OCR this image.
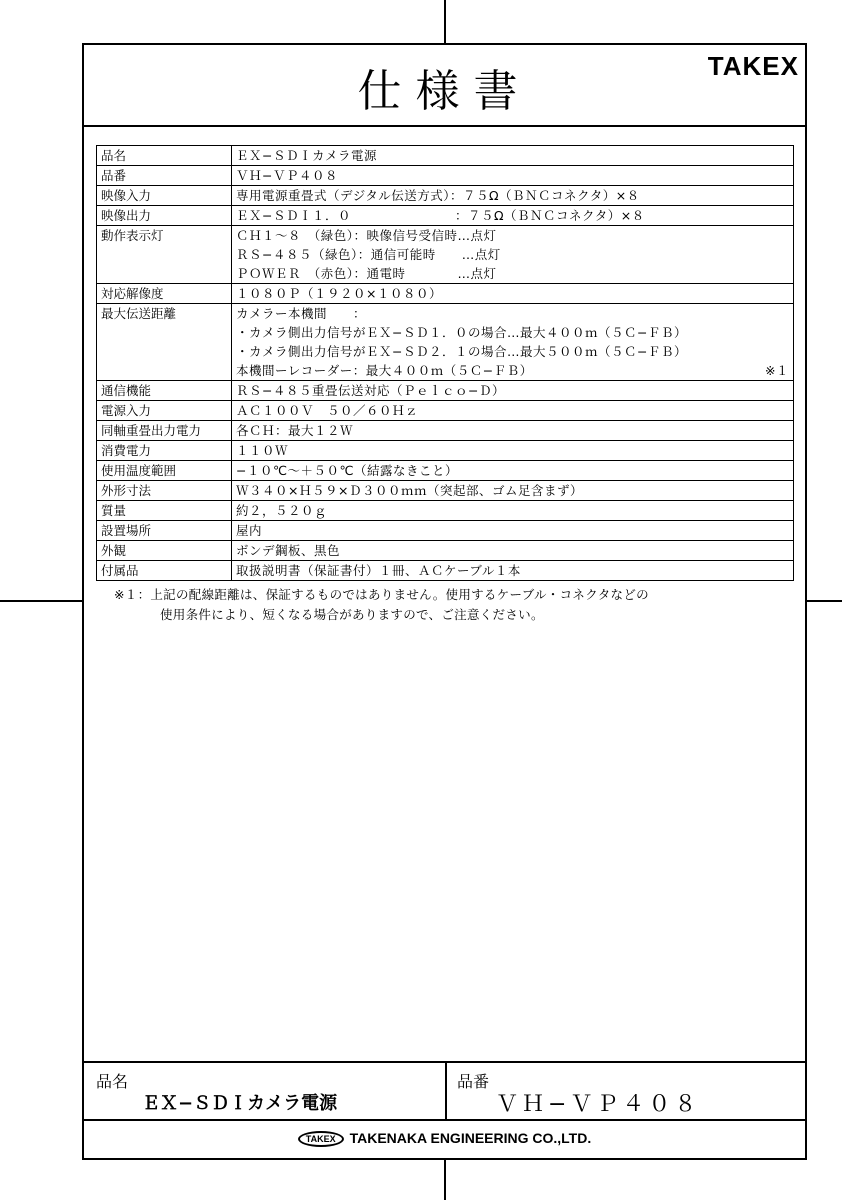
仕様書	TAKEX
品名	ＥＸ−ＳＤＩカメラ電源

品番	ＶＨ−ＶＰ４０８

映像入力	専用電源重畳式（デジタル伝送方式）：７５Ω（ＢＮＣコネクタ）×８

映像出力	ＥＸ−ＳＤＩ１．０　　　　　　　　：７５Ω（ＢＮＣコネクタ）×８

動作表示灯	ＣＨ１〜８　（緑色）：映像信号受信時…点灯
ＲＳ−４８５（緑色）：通信可能時　　…点灯
ＰＯＷＥＲ　（赤色）：通電時　　　　…点灯

対応解像度	１０８０Ｐ（１９２０×１０８０）

最大伝送距離	カメラー本機間　　：
・カメラ側出力信号がＥＸ−ＳＤ１．０の場合…最大４００ｍ（５Ｃ−ＦＢ）
・カメラ側出力信号がＥＸ−ＳＤ２．１の場合…最大５００ｍ（５Ｃ−ＦＢ）
本機間ーレコーダー：最大４００ｍ（５Ｃ−ＦＢ） ※１

通信機能	ＲＳ−４８５重畳伝送対応（Ｐｅｌｃｏ−Ｄ）

電源入力	ＡＣ１００Ｖ　５０／６０Ｈｚ

同軸重畳出力電力	各ＣＨ：最大１２Ｗ

消費電力	１１０Ｗ

使用温度範囲	−１０℃〜＋５０℃（結露なきこと）

外形寸法	Ｗ３４０×Ｈ５９×Ｄ３００ｍｍ（突起部、ゴム足含まず）

質量	約２，５２０ｇ

設置場所	屋内

外観	ボンデ鋼板、黒色

付属品	取扱説明書（保証書付）１冊、ＡＣケーブル１本
※１：上記の配線距離は、保証するものではありません。使用するケーブル・コネクタなどの
使用条件により、短くなる場合がありますので、ご注意ください。
品名
ＥＸ−ＳＤＩカメラ電源
品番
ＶＨ−ＶＰ４０８
TAKEX TAKENAKA ENGINEERING CO.,LTD.
